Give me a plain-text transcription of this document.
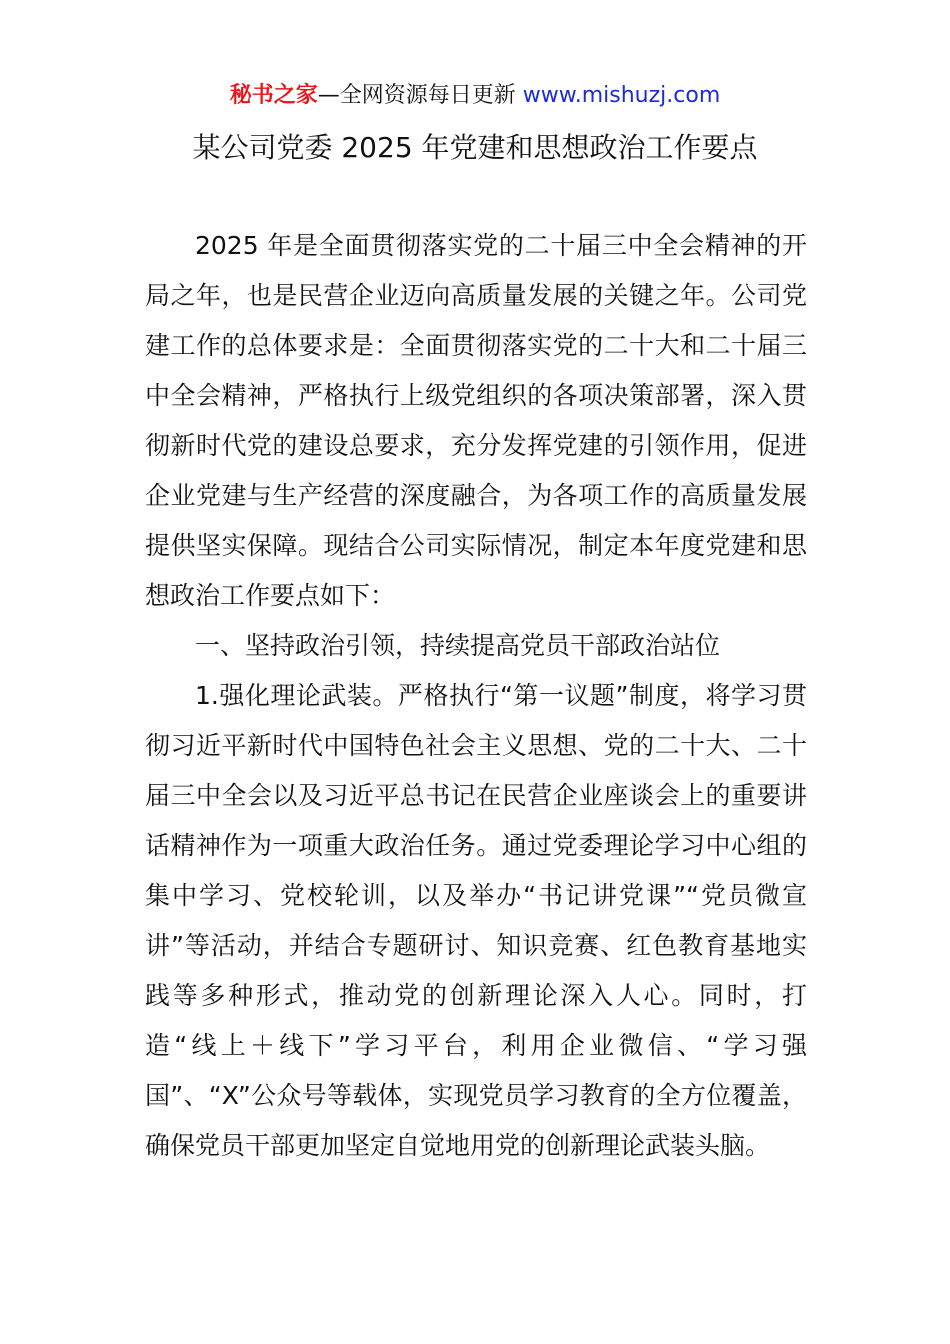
秘书之家—全网资源每日更新 www.mishuzj.com
某公司党委 2025 年党建和思想政治工作要点

2025 年是全面贯彻落实党的二十届三中全会精神的开局之年，也是民营企业迈向高质量发展的关键之年。公司党建工作的总体要求是：全面贯彻落实党的二十大和二十届三中全会精神，严格执行上级党组织的各项决策部署，深入贯彻新时代党的建设总要求，充分发挥党建的引领作用，促进企业党建与生产经营的深度融合，为各项工作的高质量发展提供坚实保障。现结合公司实际情况，制定本年度党建和思想政治工作要点如下：

一、坚持政治引领，持续提高党员干部政治站位

1.强化理论武装。严格执行“第一议题”制度，将学习贯彻习近平新时代中国特色社会主义思想、党的二十大、二十届三中全会以及习近平总书记在民营企业座谈会上的重要讲话精神作为一项重大政治任务。通过党委理论学习中心组的集中学习、党校轮训，以及举办“书记讲党课”“党员微宣讲”等活动，并结合专题研讨、知识竞赛、红色教育基地实践等多种形式，推动党的创新理论深入人心。同时，打造“线上＋线下”学习平台，利用企业微信、“学习强国”、“X”公众号等载体，实现党员学习教育的全方位覆盖，确保党员干部更加坚定自觉地用党的创新理论武装头脑。
